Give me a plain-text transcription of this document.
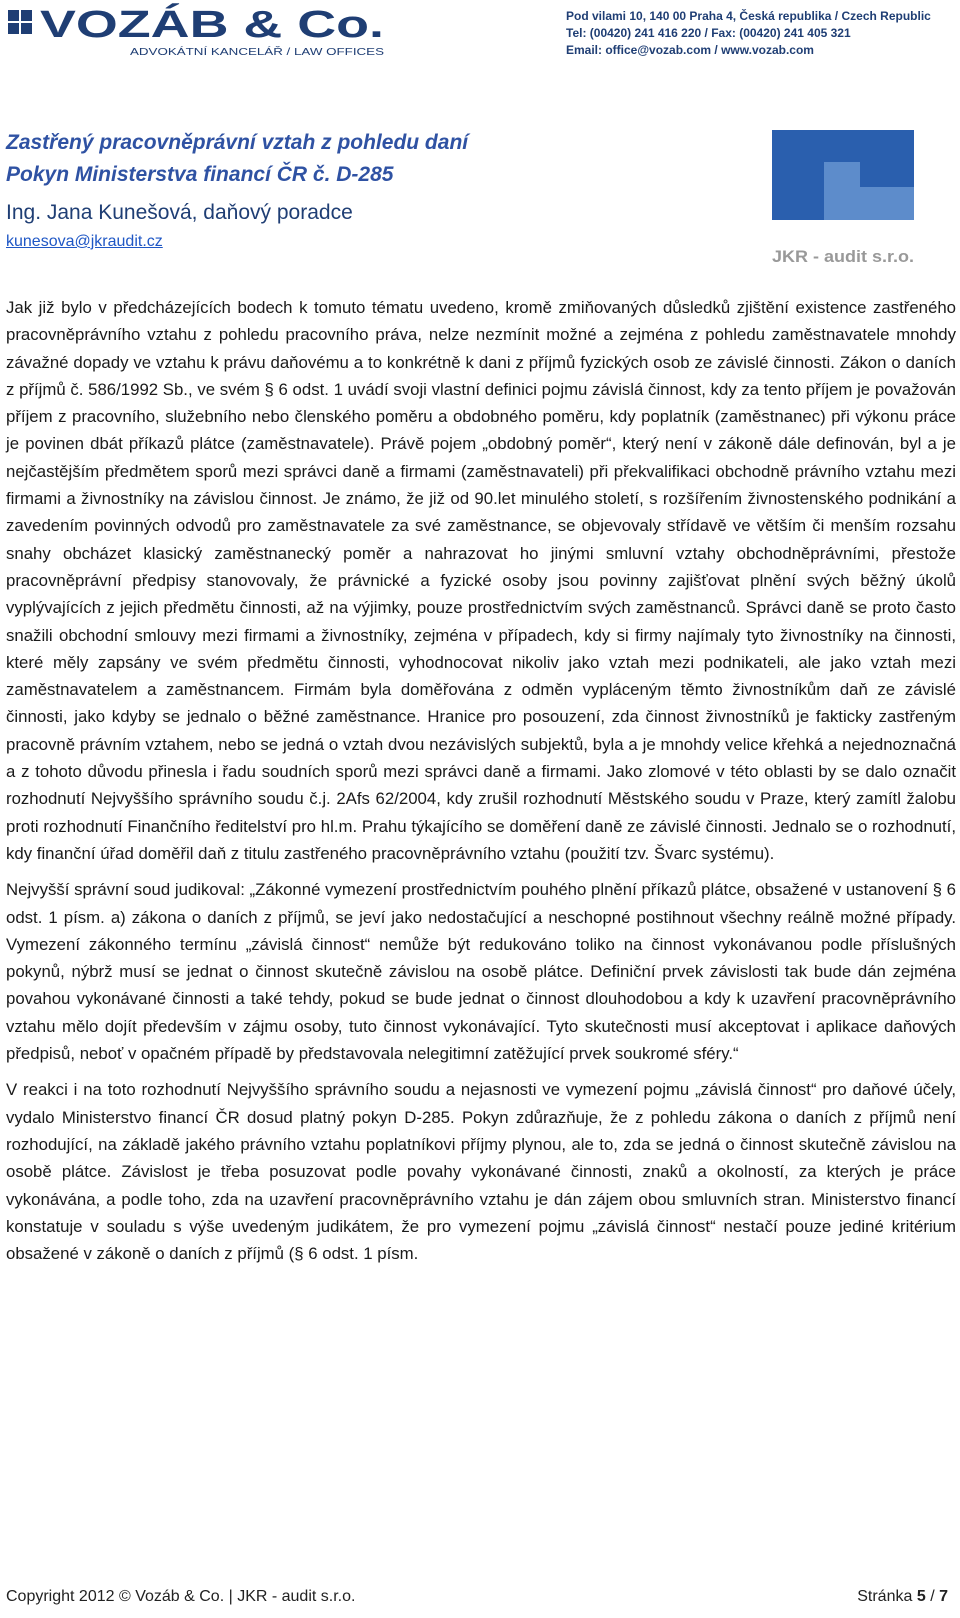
VOZÁB & Co.
ADVOKÁTNÍ KANCELÁŘ / LAW OFFICES
Pod vilami 10, 140 00 Praha 4, Česká republika / Czech Republic
Tel: (00420) 241 416 220 / Fax: (00420) 241 405 321
Email: office@vozab.com / www.vozab.com
Zastřený pracovněprávní vztah z pohledu daní
Pokyn Ministerstva financí ČR č. D-285
Ing. Jana Kunešová, daňový poradce
kunesova@jkraudit.cz
JKR - audit s.r.o.

Jak již bylo v předcházejících bodech k tomuto tématu uvedeno, kromě zmiňovaných důsledků zjištění existence zastřeného pracovněprávního vztahu z pohledu pracovního práva, nelze nezmínit možné a zejména z pohledu zaměstnavatele mnohdy závažné dopady ve vztahu k právu daňovému a to konkrétně k dani z příjmů fyzických osob ze závislé činnosti. Zákon o daních z příjmů č. 586/1992 Sb., ve svém § 6 odst. 1 uvádí svoji vlastní definici pojmu závislá činnost, kdy za tento příjem je považován příjem z pracovního, služebního nebo členského poměru a obdobného poměru, kdy poplatník (zaměstnanec) při výkonu práce je povinen dbát příkazů plátce (zaměstnavatele). Právě pojem „obdobný poměr“, který není v zákoně dále definován, byl a je nejčastějším předmětem sporů mezi správci daně a firmami (zaměstnavateli) při překvalifikaci obchodně právního vztahu mezi firmami a živnostníky na závislou činnost. Je známo, že již od 90.let minulého století, s rozšířením živnostenského podnikání a zavedením povinných odvodů pro zaměstnavatele za své zaměstnance, se objevovaly střídavě ve větším či menším rozsahu snahy obcházet klasický zaměstnanecký poměr a nahrazovat ho jinými smluvní vztahy obchodněprávními, přestože pracovněprávní předpisy stanovovaly, že právnické a fyzické osoby jsou povinny zajišťovat plnění svých běžný úkolů vyplývajících z jejich předmětu činnosti, až na výjimky, pouze prostřednictvím svých zaměstnanců. Správci daně se proto často snažili obchodní smlouvy mezi firmami a živnostníky, zejména v případech, kdy si firmy najímaly tyto živnostníky na činnosti, které měly zapsány ve svém předmětu činnosti, vyhodnocovat nikoliv jako vztah mezi podnikateli, ale jako vztah mezi zaměstnavatelem a zaměstnancem. Firmám byla doměřována z odměn vypláceným těmto živnostníkům daň ze závislé činnosti, jako kdyby se jednalo o běžné zaměstnance. Hranice pro posouzení, zda činnost živnostníků je fakticky zastřeným pracovně právním vztahem, nebo se jedná o vztah dvou nezávislých subjektů, byla a je mnohdy velice křehká a nejednoznačná a z tohoto důvodu přinesla i řadu soudních sporů mezi správci daně a firmami. Jako zlomové v této oblasti by se dalo označit rozhodnutí Nejvyššího správního soudu č.j. 2Afs 62/2004, kdy zrušil rozhodnutí Městského soudu v Praze, který zamítl žalobu proti rozhodnutí Finančního ředitelství pro hl.m. Prahu týkajícího se doměření daně ze závislé činnosti. Jednalo se o rozhodnutí, kdy finanční úřad doměřil daň z titulu zastřeného pracovněprávního vztahu (použití tzv. Švarc systému).

Nejvyšší správní soud judikoval: „Zákonné vymezení prostřednictvím pouhého plnění příkazů plátce, obsažené v ustanovení § 6 odst. 1 písm. a) zákona o daních z příjmů, se jeví jako nedostačující a neschopné postihnout všechny reálně možné případy. Vymezení zákonného termínu „závislá činnost“ nemůže být redukováno toliko na činnost vykonávanou podle příslušných pokynů, nýbrž musí se jednat o činnost skutečně závislou na osobě plátce. Definiční prvek závislosti tak bude dán zejména povahou vykonávané činnosti a také tehdy, pokud se bude jednat o činnost dlouhodobou a kdy k uzavření pracovněprávního vztahu mělo dojít především v zájmu osoby, tuto činnost vykonávající. Tyto skutečnosti musí akceptovat i aplikace daňových předpisů, neboť v opačném případě by představovala nelegitimní zatěžující prvek soukromé sféry.“

V reakci i na toto rozhodnutí Nejvyššího správního soudu a nejasnosti ve vymezení pojmu „závislá činnost“ pro daňové účely, vydalo Ministerstvo financí ČR dosud platný pokyn D-285. Pokyn zdůrazňuje, že z pohledu zákona o daních z příjmů není rozhodující, na základě jakého právního vztahu poplatníkovi příjmy plynou, ale to, zda se jedná o činnost skutečně závislou na osobě plátce. Závislost je třeba posuzovat podle povahy vykonávané činnosti, znaků a okolností, za kterých je práce vykonávána, a podle toho, zda na uzavření pracovněprávního vztahu je dán zájem obou smluvních stran. Ministerstvo financí konstatuje v souladu s výše uvedeným judikátem, že pro vymezení pojmu „závislá činnost“ nestačí pouze jediné kritérium obsažené v zákoně o daních z příjmů (§ 6 odst. 1 písm.

Copyright 2012 © Vozáb & Co. | JKR - audit s.r.o.	Stránka 5 / 7
